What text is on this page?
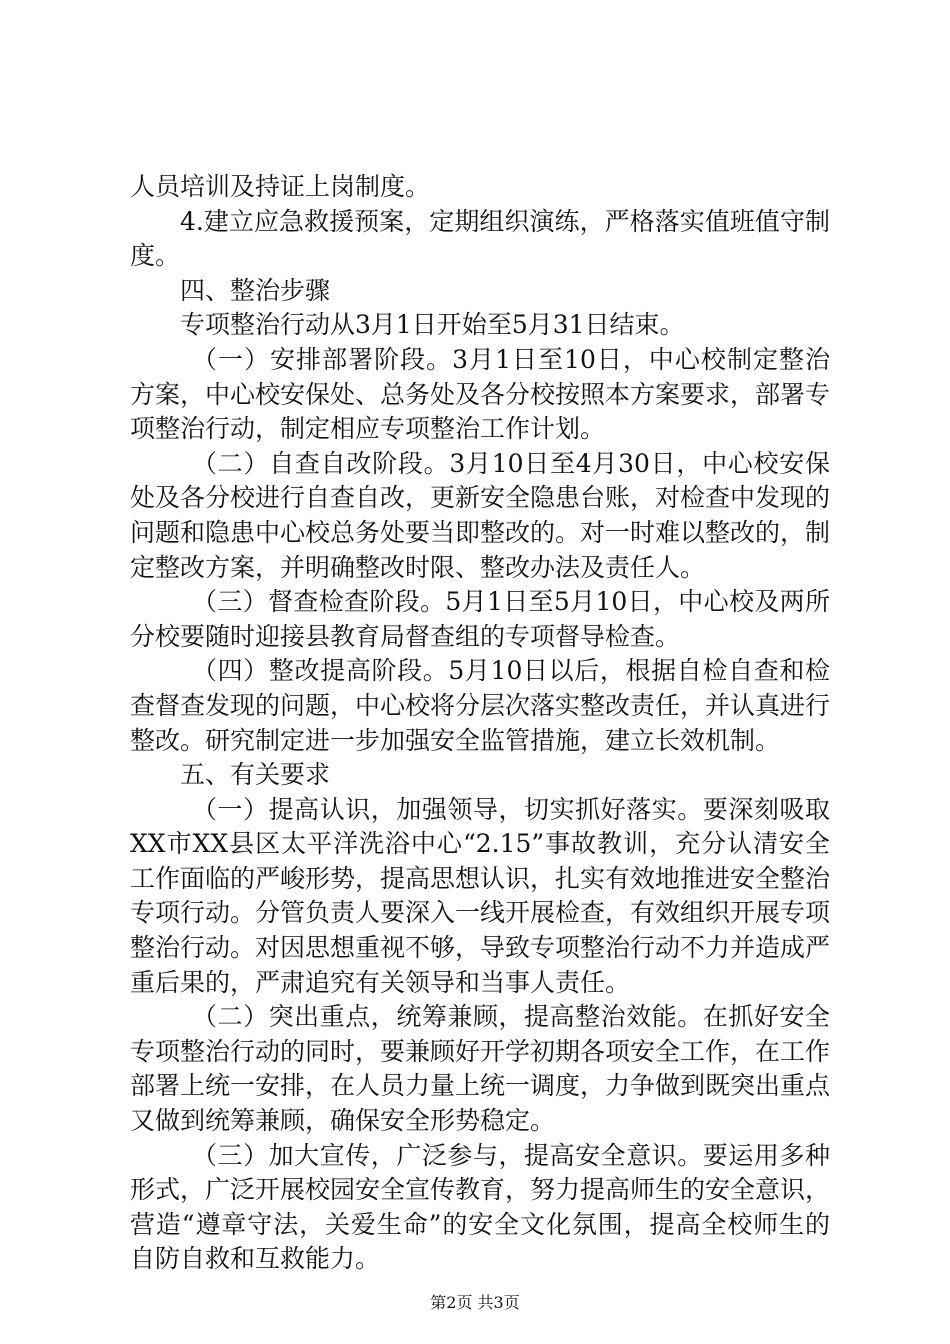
人员培训及持证上岗制度。

4.建立应急救援预案，定期组织演练，严格落实值班值守制度。

四、整治步骤

专项整治行动从3月1日开始至5月31日结束。

（一）安排部署阶段。3月1日至10日，中心校制定整治方案，中心校安保处、总务处及各分校按照本方案要求，部署专项整治行动，制定相应专项整治工作计划。

（二）自查自改阶段。3月10日至4月30日，中心校安保处及各分校进行自查自改，更新安全隐患台账，对检查中发现的问题和隐患中心校总务处要当即整改的。对一时难以整改的，制定整改方案，并明确整改时限、整改办法及责任人。

（三）督查检查阶段。5月1日至5月10日，中心校及两所分校要随时迎接县教育局督查组的专项督导检查。

（四）整改提高阶段。5月10日以后，根据自检自查和检查督查发现的问题，中心校将分层次落实整改责任，并认真进行整改。研究制定进一步加强安全监管措施，建立长效机制。

五、有关要求

（一）提高认识，加强领导，切实抓好落实。要深刻吸取XX市XX县区太平洋洗浴中心“2.15”事故教训，充分认清安全工作面临的严峻形势，提高思想认识，扎实有效地推进安全整治专项行动。分管负责人要深入一线开展检查，有效组织开展专项整治行动。对因思想重视不够，导致专项整治行动不力并造成严重后果的，严肃追究有关领导和当事人责任。

（二）突出重点，统筹兼顾，提高整治效能。在抓好安全专项整治行动的同时，要兼顾好开学初期各项安全工作，在工作部署上统一安排，在人员力量上统一调度，力争做到既突出重点又做到统筹兼顾，确保安全形势稳定。

（三）加大宣传，广泛参与，提高安全意识。要运用多种形式，广泛开展校园安全宣传教育，努力提高师生的安全意识，营造“遵章守法，关爱生命”的安全文化氛围，提高全校师生的自防自救和互救能力。

第2页 共3页
